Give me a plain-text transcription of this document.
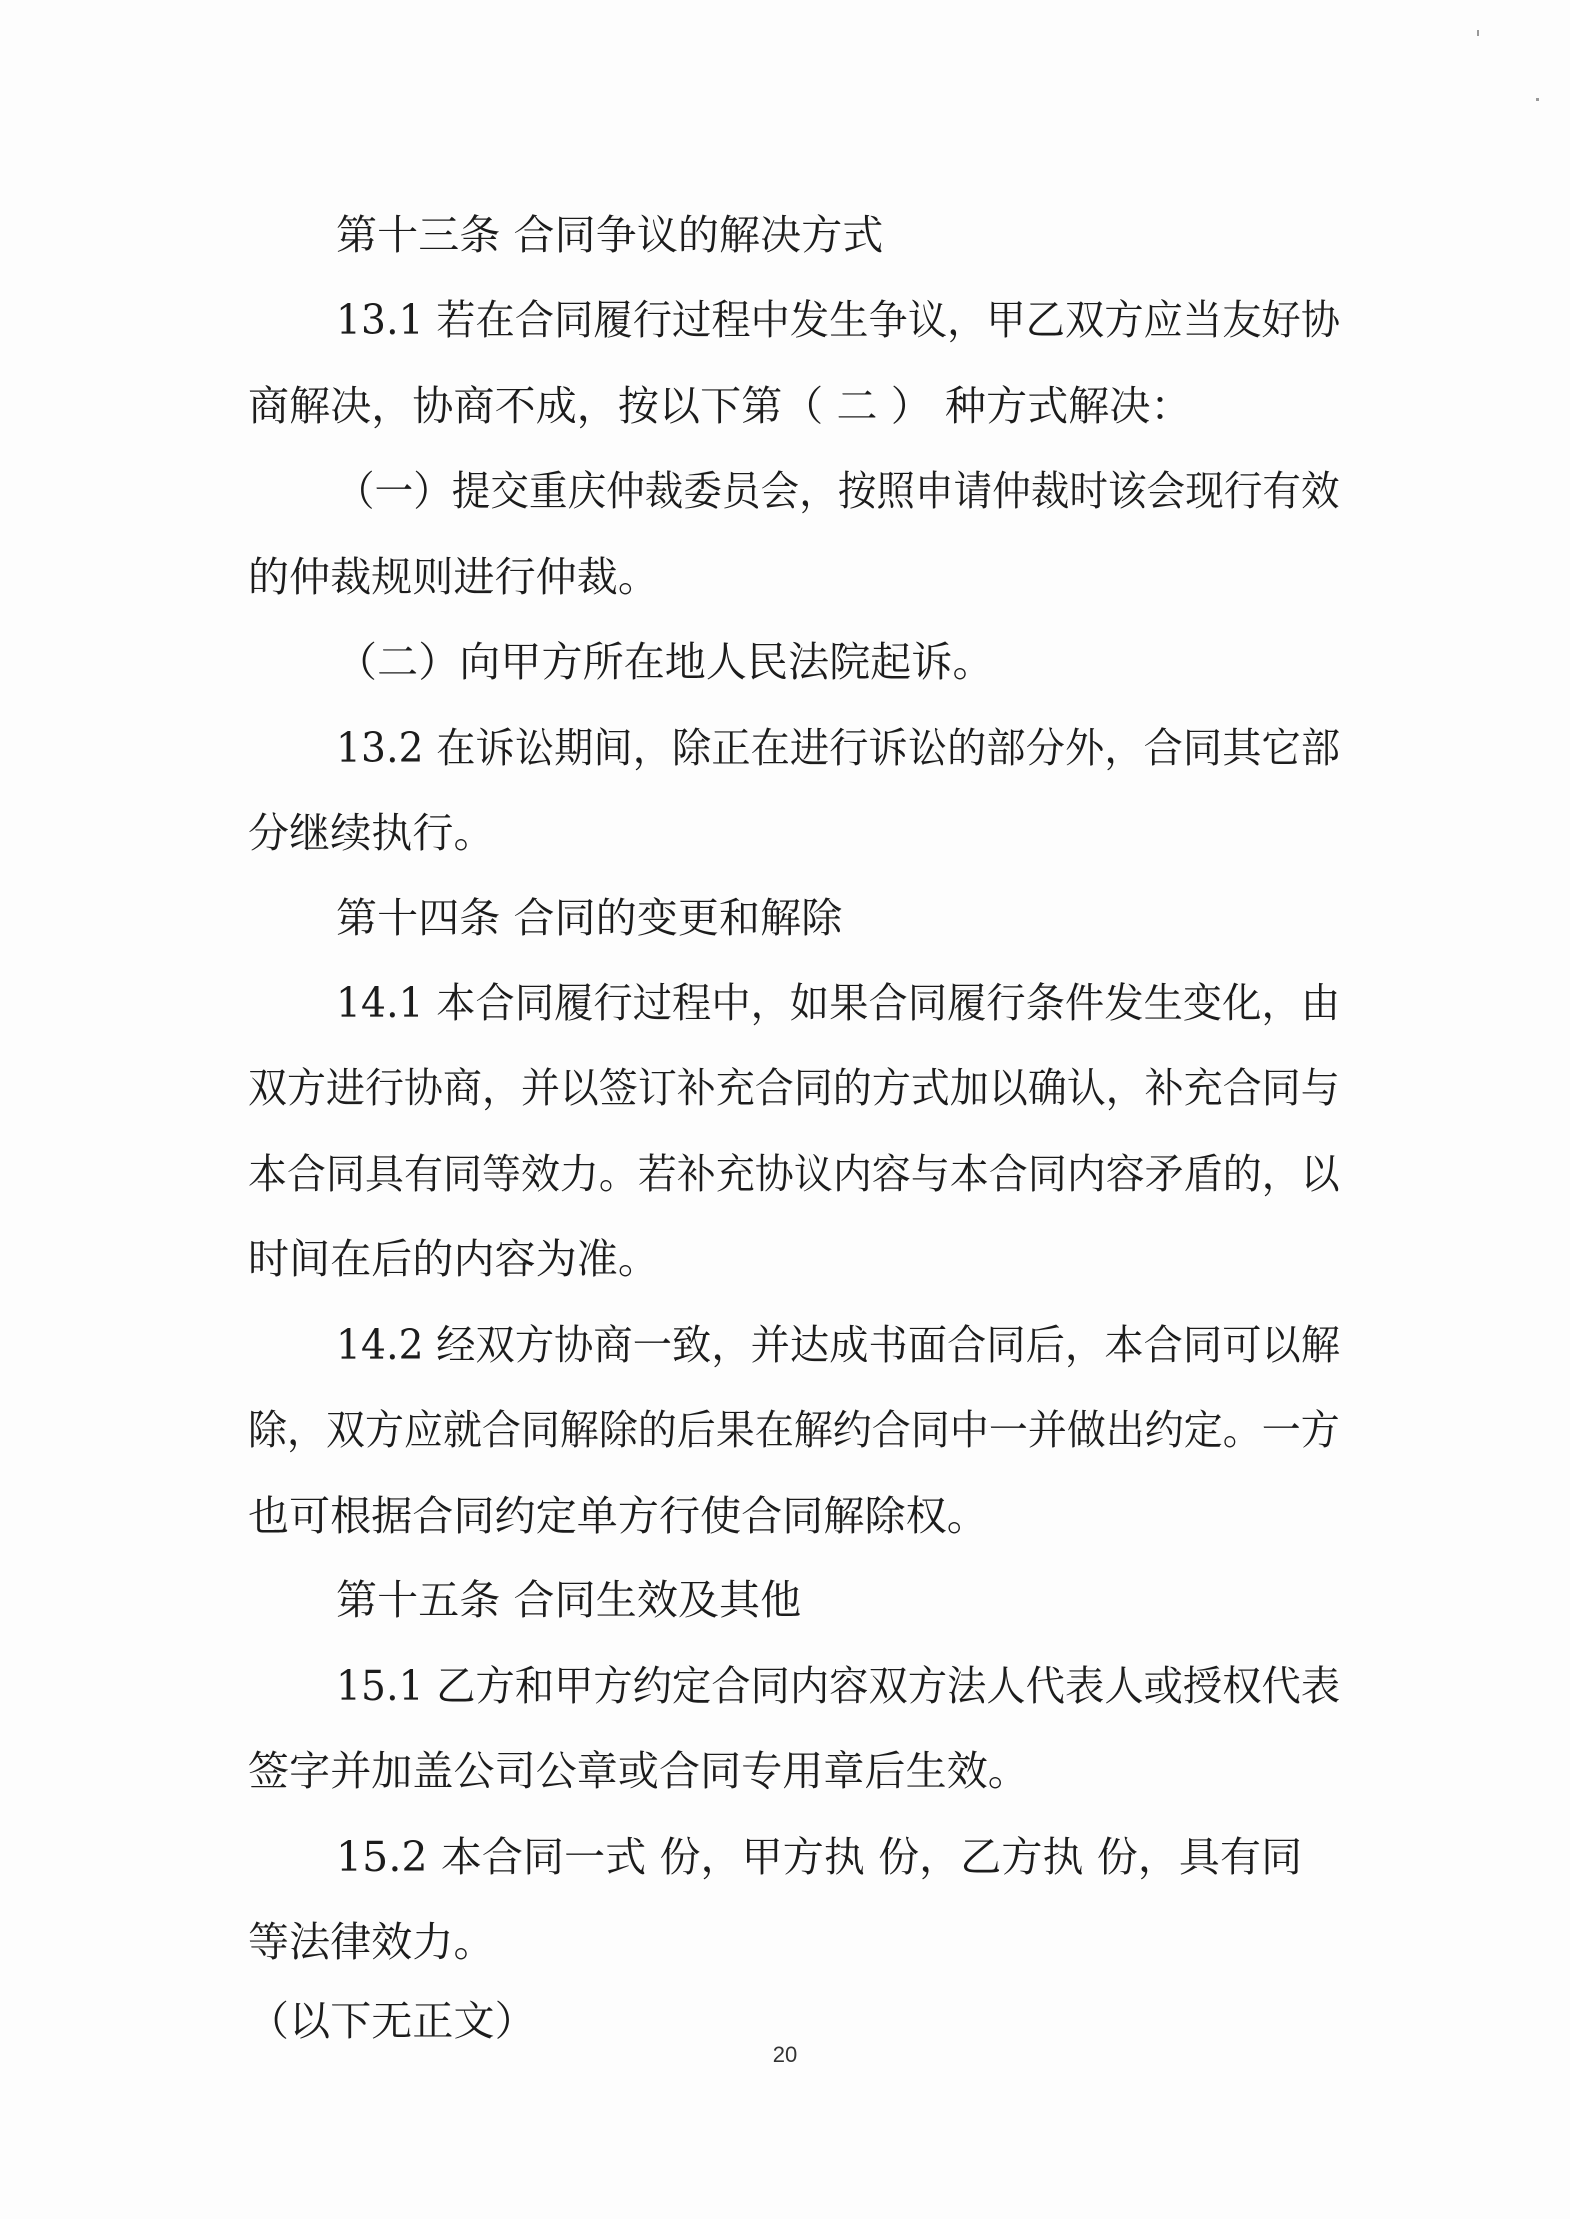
第十三条 合同争议的解决方式
13.1 若在合同履行过程中发生争议，甲乙双方应当友好协
商解决，协商不成，按以下第（ 二 ） 种方式解决：
（一）提交重庆仲裁委员会，按照申请仲裁时该会现行有效
的仲裁规则进行仲裁。
（二）向甲方所在地人民法院起诉。
13.2 在诉讼期间，除正在进行诉讼的部分外，合同其它部
分继续执行。
第十四条 合同的变更和解除
14.1 本合同履行过程中，如果合同履行条件发生变化，由
双方进行协商，并以签订补充合同的方式加以确认，补充合同与
本合同具有同等效力。若补充协议内容与本合同内容矛盾的，以
时间在后的内容为准。
14.2 经双方协商一致，并达成书面合同后，本合同可以解
除，双方应就合同解除的后果在解约合同中一并做出约定。一方
也可根据合同约定单方行使合同解除权。
第十五条 合同生效及其他
15.1 乙方和甲方约定合同内容双方法人代表人或授权代表
签字并加盖公司公章或合同专用章后生效。
15.2 本合同一式 份，甲方执 份，乙方执 份，具有同
等法律效力。
（以下无正文）
20
